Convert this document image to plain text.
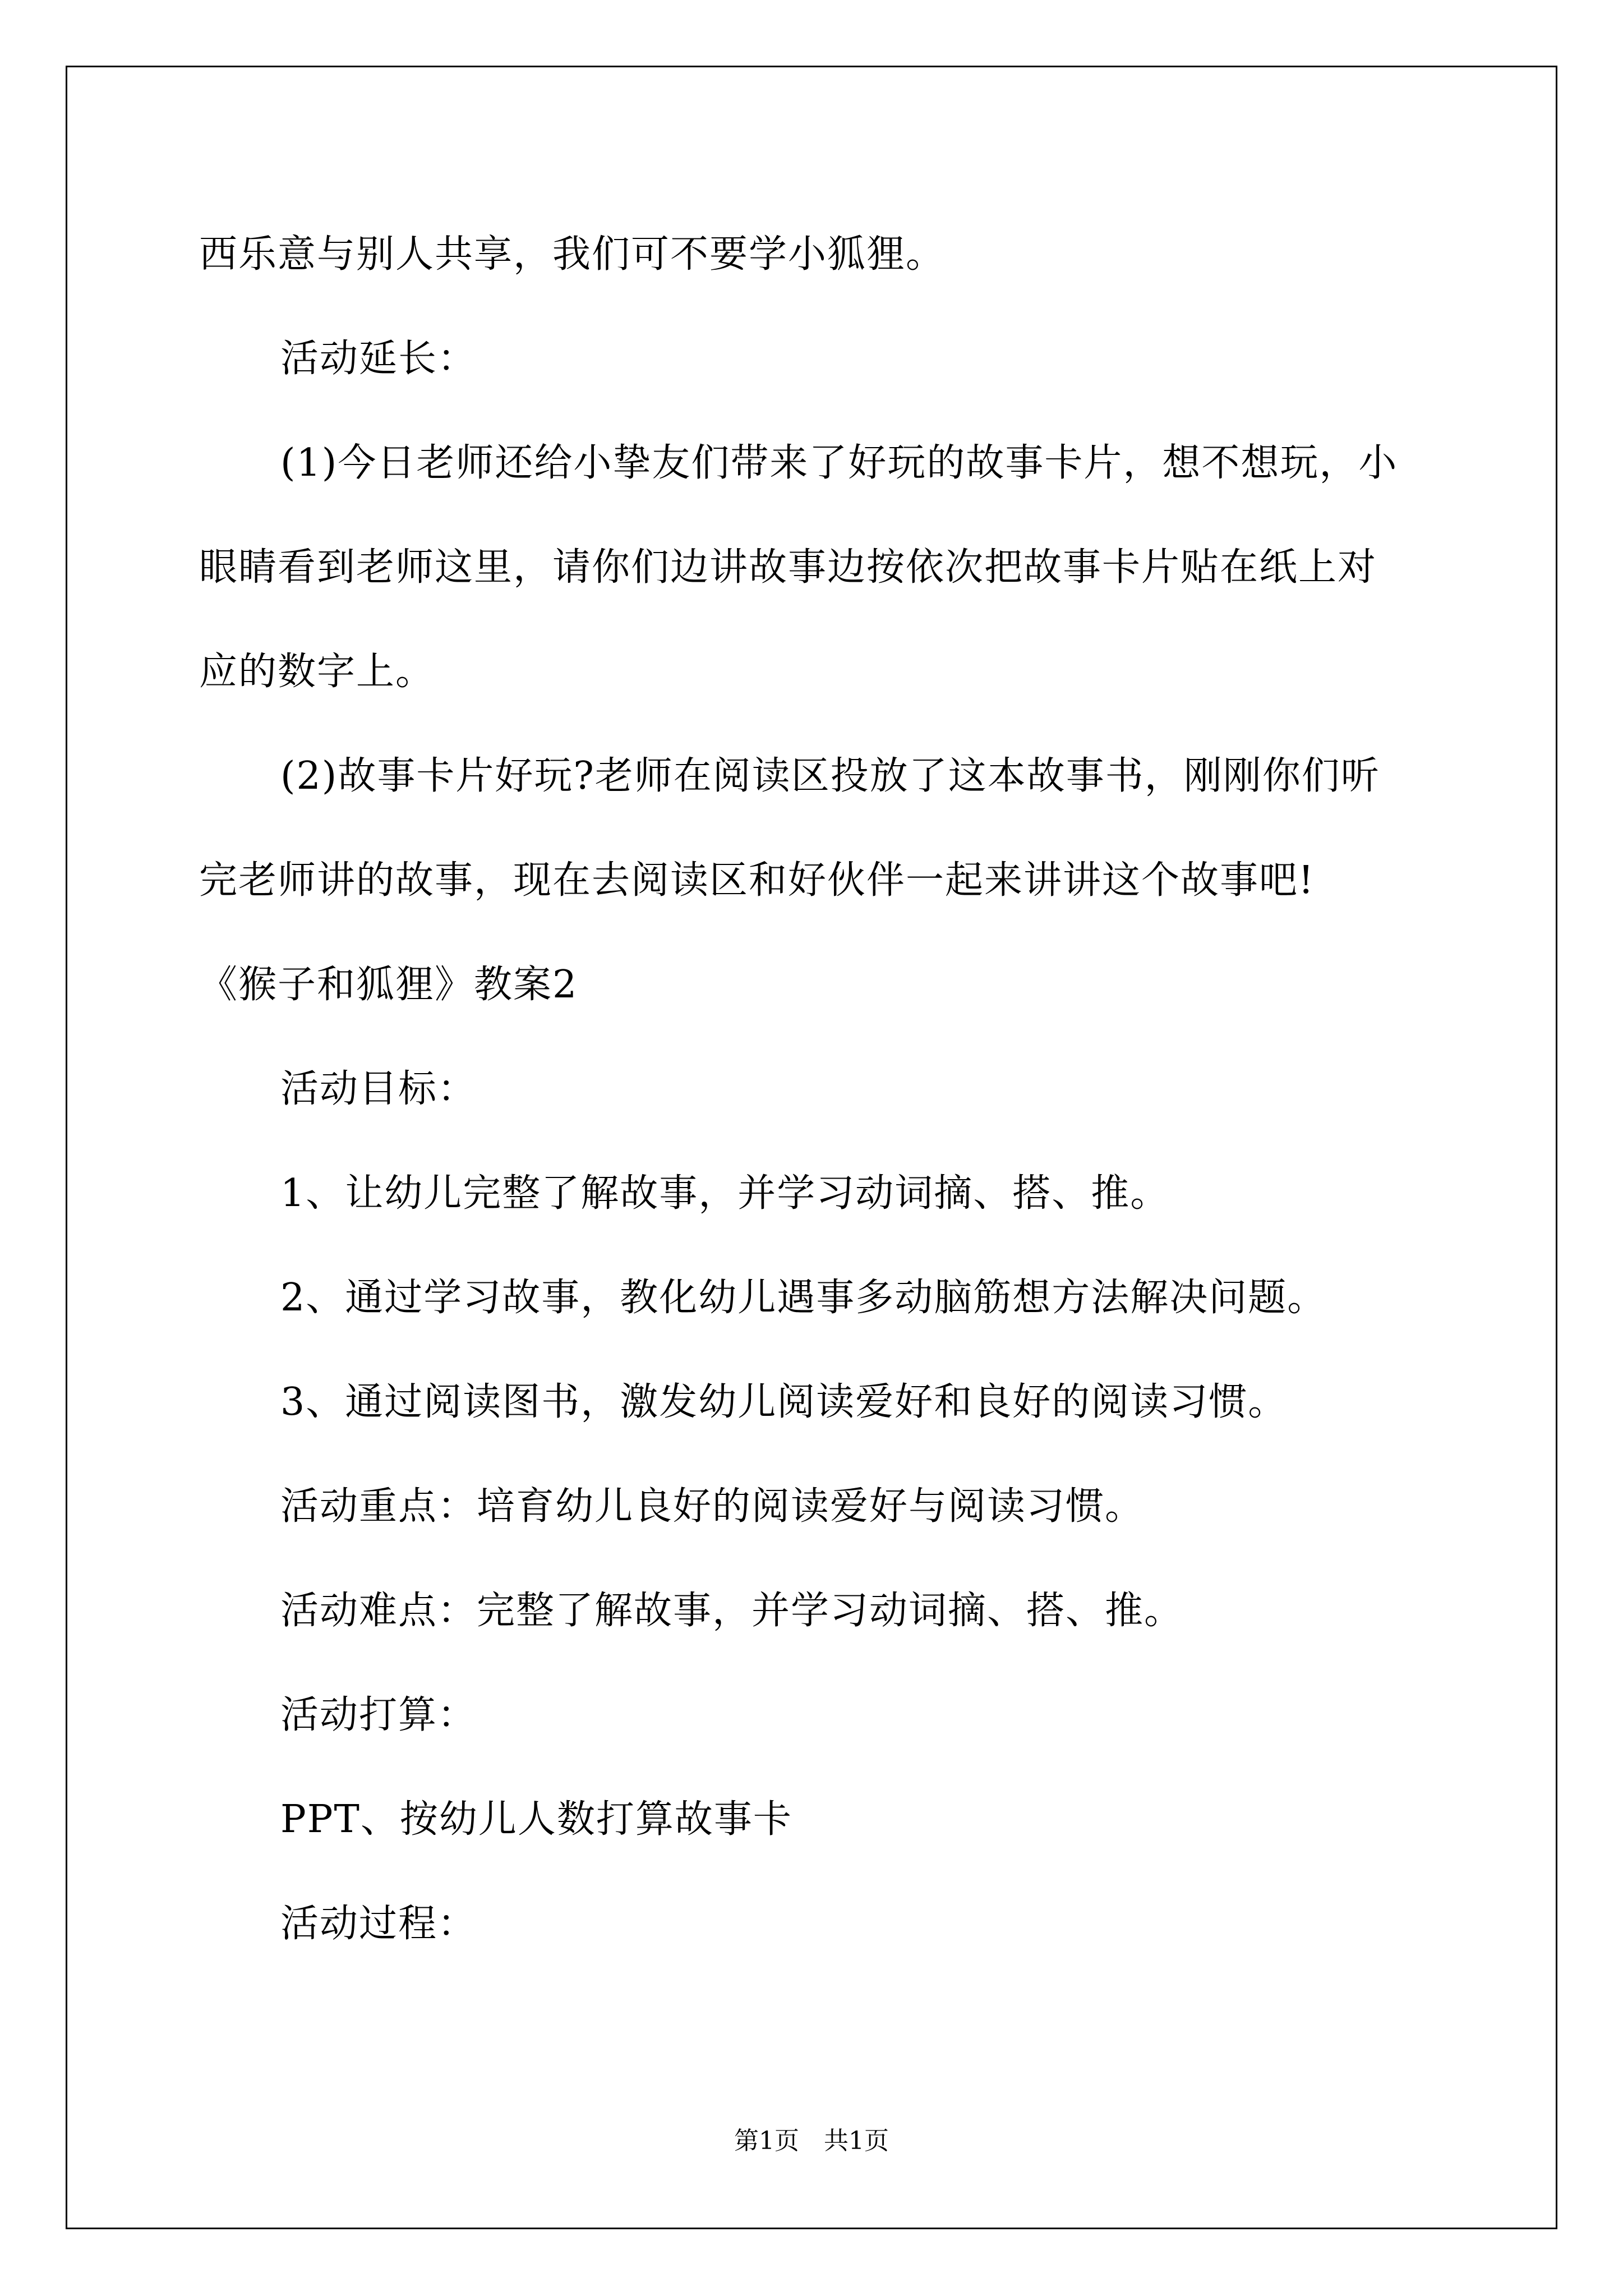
西乐意与别人共享，我们可不要学小狐狸。
活动延长：
(1)今日老师还给小挚友们带来了好玩的故事卡片，想不想玩，小
眼睛看到老师这里，请你们边讲故事边按依次把故事卡片贴在纸上对
应的数字上。
(2)故事卡片好玩?老师在阅读区投放了这本故事书，刚刚你们听
完老师讲的故事，现在去阅读区和好伙伴一起来讲讲这个故事吧!
《猴子和狐狸》教案2
活动目标：
1、让幼儿完整了解故事，并学习动词摘、搭、推。
2、通过学习故事，教化幼儿遇事多动脑筋想方法解决问题。
3、通过阅读图书，激发幼儿阅读爱好和良好的阅读习惯。
活动重点：培育幼儿良好的阅读爱好与阅读习惯。
活动难点：完整了解故事，并学习动词摘、搭、推。
活动打算：
PPT、按幼儿人数打算故事卡
活动过程：
第1页　共1页
